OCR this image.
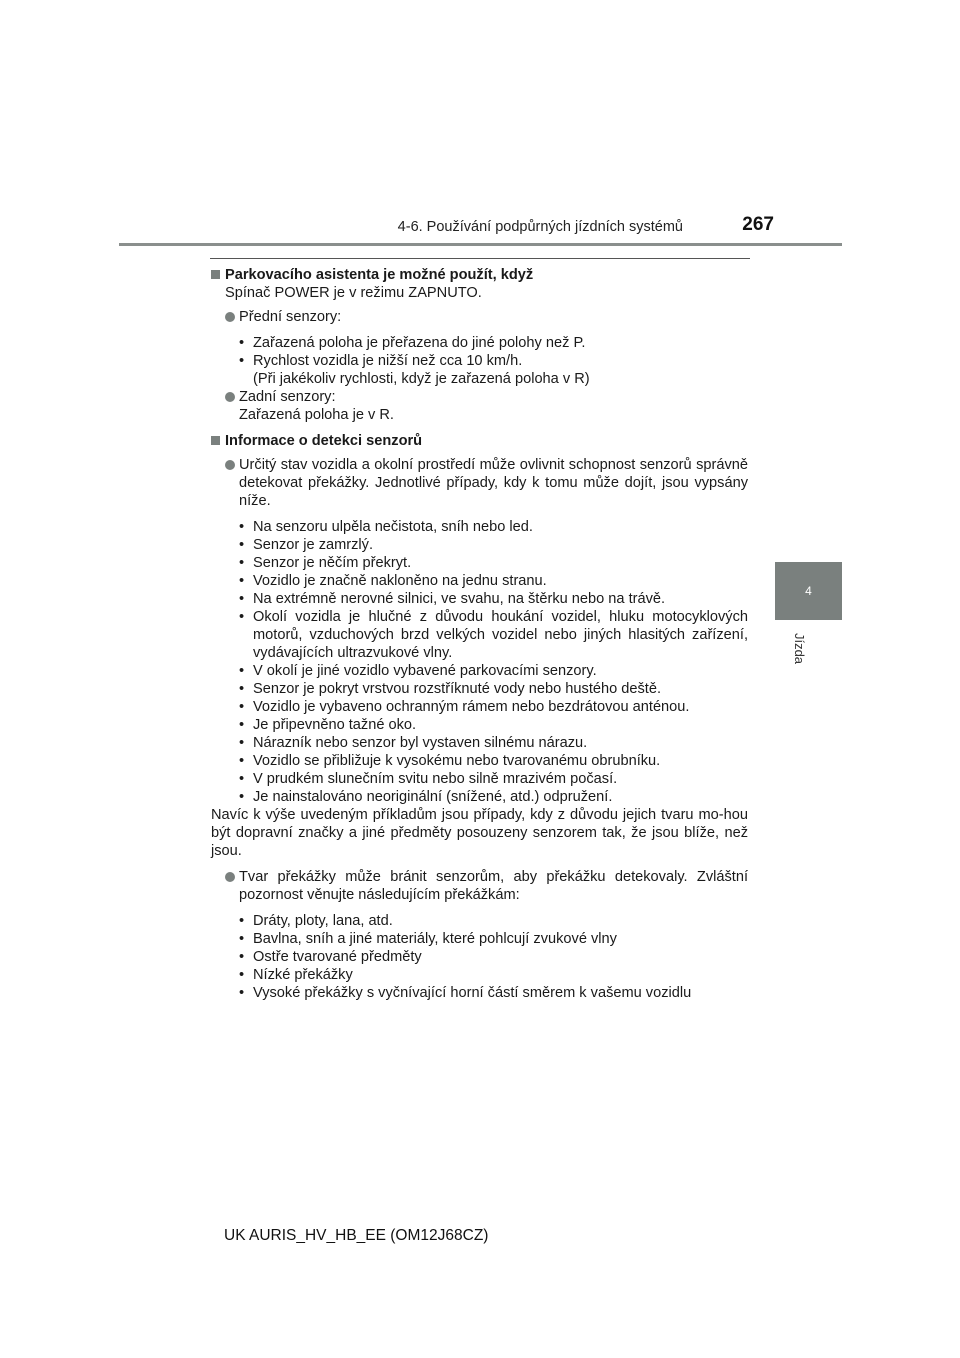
4-6. Používání podpůrných jízdních systémů	267
4
Jízda

Parkovacího asistenta je možné použít, když

Spínač POWER je v režimu ZAPNUTO.

Přední senzory:

• Zařazená poloha je přeřazena do jiné polohy než P.
• Rychlost vozidla je nižší než cca 10 km/h.

(Při jakékoliv rychlosti, když je zařazená poloha v R)

Zadní senzory:

Zařazená poloha je v R.

Informace o detekci senzorů

Určitý stav vozidla a okolní prostředí může ovlivnit schopnost senzorů správně detekovat překážky. Jednotlivé případy, kdy k tomu může dojít, jsou vypsány níže.

• Na senzoru ulpěla nečistota, sníh nebo led.
• Senzor je zamrzlý.
• Senzor je něčím překryt.
• Vozidlo je značně nakloněno na jednu stranu.
• Na extrémně nerovné silnici, ve svahu, na štěrku nebo na trávě.
• Okolí vozidla je hlučné z důvodu houkání vozidel, hluku motocyklových motorů, vzduchových brzd velkých vozidel nebo jiných hlasitých zařízení, vydávajících ultrazvukové vlny.
• V okolí je jiné vozidlo vybavené parkovacími senzory.
• Senzor je pokryt vrstvou rozstříknuté vody nebo hustého deště.
• Vozidlo je vybaveno ochranným rámem nebo bezdrátovou anténou.
• Je připevněno tažné oko.
• Nárazník nebo senzor byl vystaven silnému nárazu.
• Vozidlo se přibližuje k vysokému nebo tvarovanému obrubníku.
• V prudkém slunečním svitu nebo silně mrazivém počasí.
• Je nainstalováno neoriginální (snížené, atd.) odpružení.

Navíc k výše uvedeným příkladům jsou případy, kdy z důvodu jejich tvaru mo-hou být dopravní značky a jiné předměty posouzeny senzorem tak, že jsou blíže, než jsou.

Tvar překážky může bránit senzorům, aby překážku detekovaly. Zvláštní pozornost věnujte následujícím překážkám:

• Dráty, ploty, lana, atd.
• Bavlna, sníh a jiné materiály, které pohlcují zvukové vlny
• Ostře tvarované předměty
• Nízké překážky
• Vysoké překážky s vyčnívající horní částí směrem k vašemu vozidlu
UK AURIS_HV_HB_EE (OM12J68CZ)
